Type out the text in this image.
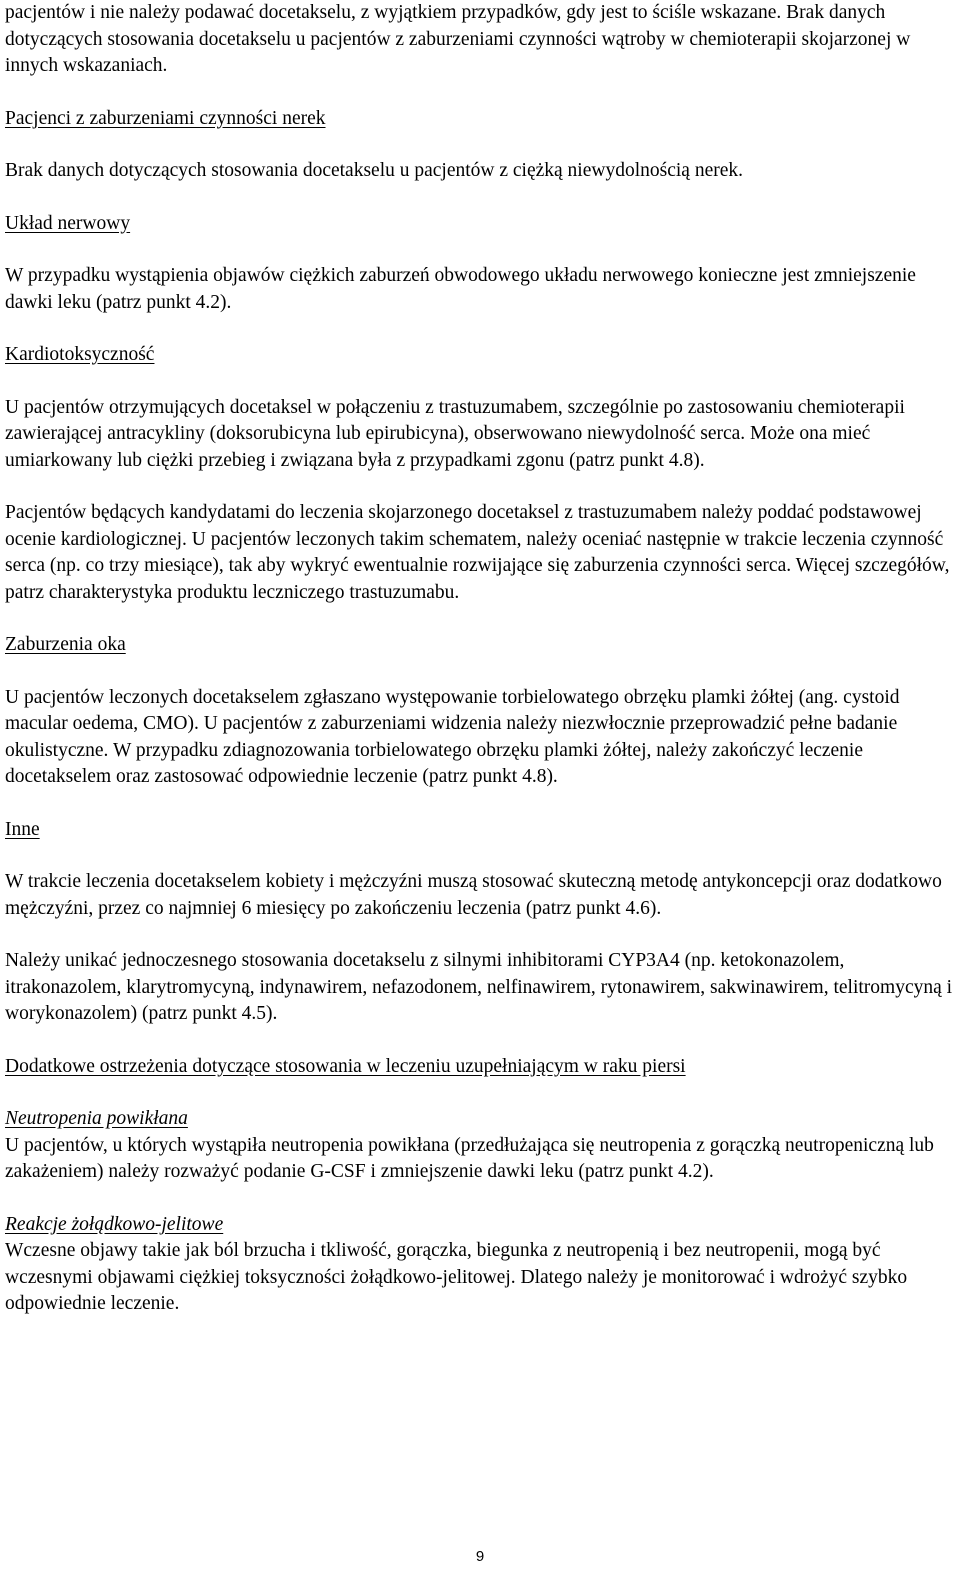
pacjentów i nie należy podawać docetakselu, z wyjątkiem przypadków, gdy jest to ściśle wskazane. Brak danych dotyczących stosowania docetakselu u pacjentów z zaburzeniami czynności wątroby w chemioterapii skojarzonej w innych wskazaniach.

Pacjenci z zaburzeniami czynności nerek

Brak danych dotyczących stosowania docetakselu u pacjentów z ciężką niewydolnością nerek.

Układ nerwowy

W przypadku wystąpienia objawów ciężkich zaburzeń obwodowego układu nerwowego konieczne jest zmniejszenie dawki leku (patrz punkt 4.2).

Kardiotoksyczność

U pacjentów otrzymujących docetaksel w połączeniu z trastuzumabem, szczególnie po zastosowaniu chemioterapii zawierającej antracykliny (doksorubicyna lub epirubicyna), obserwowano niewydolność serca. Może ona mieć umiarkowany lub ciężki przebieg i związana była z przypadkami zgonu (patrz punkt 4.8).

Pacjentów będących kandydatami do leczenia skojarzonego docetaksel z trastuzumabem należy poddać podstawowej ocenie kardiologicznej. U pacjentów leczonych takim schematem, należy oceniać następnie w trakcie leczenia czynność serca (np. co trzy miesiące), tak aby wykryć ewentualnie rozwijające się zaburzenia czynności serca. Więcej szczegółów, patrz charakterystyka produktu leczniczego trastuzumabu.

Zaburzenia oka

U pacjentów leczonych docetakselem zgłaszano występowanie torbielowatego obrzęku plamki żółtej (ang. cystoid macular oedema, CMO). U pacjentów z zaburzeniami widzenia należy niezwłocznie przeprowadzić pełne badanie okulistyczne. W przypadku zdiagnozowania torbielowatego obrzęku plamki żółtej, należy zakończyć leczenie docetakselem oraz zastosować odpowiednie leczenie (patrz punkt 4.8).

Inne

W trakcie leczenia docetakselem kobiety i mężczyźni muszą stosować skuteczną metodę antykoncepcji oraz dodatkowo mężczyźni, przez co najmniej 6 miesięcy po zakończeniu leczenia (patrz punkt 4.6).

Należy unikać jednoczesnego stosowania docetakselu z silnymi inhibitorami CYP3A4 (np. ketokonazolem, itrakonazolem, klarytromycyną, indynawirem, nefazodonem, nelfinawirem, rytonawirem, sakwinawirem, telitromycyną i worykonazolem) (patrz punkt 4.5).

Dodatkowe ostrzeżenia dotyczące stosowania w leczeniu uzupełniającym w raku piersi

Neutropenia powikłana

U pacjentów, u których wystąpiła neutropenia powikłana (przedłużająca się neutropenia z gorączką neutropeniczną lub zakażeniem) należy rozważyć podanie G-CSF i zmniejszenie dawki leku (patrz punkt 4.2).

Reakcje żołądkowo-jelitowe

Wczesne objawy takie jak ból brzucha i tkliwość, gorączka, biegunka z neutropenią i bez neutropenii, mogą być wczesnymi objawami ciężkiej toksyczności żołądkowo-jelitowej. Dlatego należy je monitorować i wdrożyć szybko odpowiednie leczenie.

9
